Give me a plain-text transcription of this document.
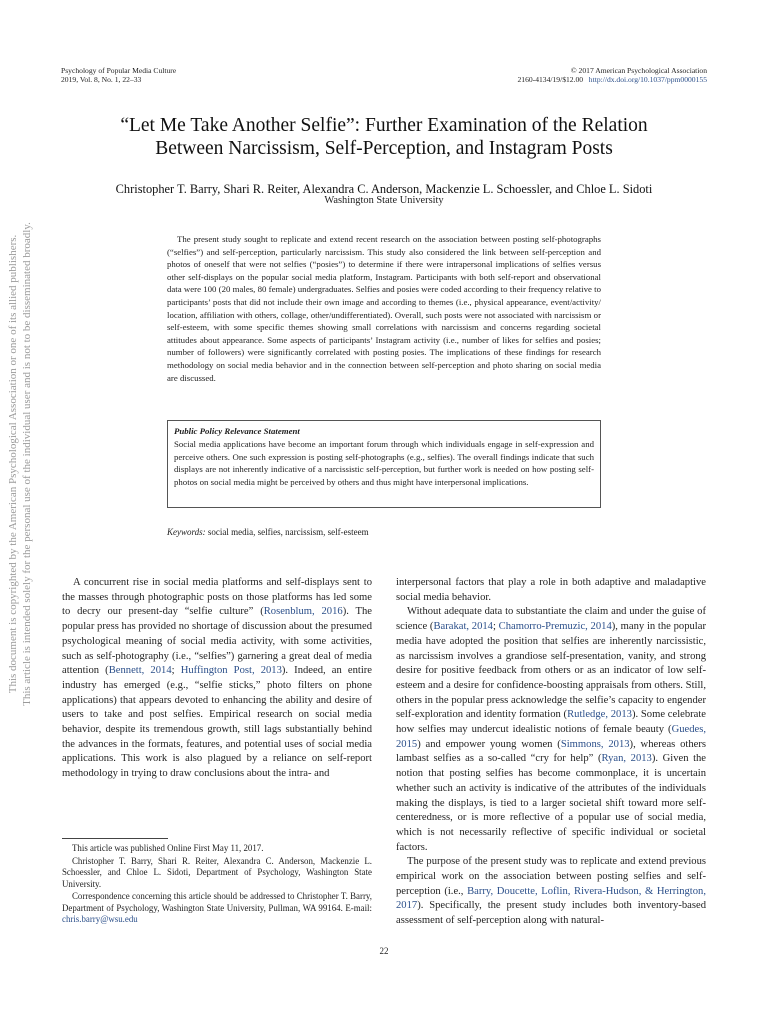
Psychology of Popular Media Culture
2019, Vol. 8, No. 1, 22–33
© 2017 American Psychological Association
2160-4134/19/$12.00 http://dx.doi.org/10.1037/ppm0000155
This document is copyrighted by the American Psychological Association or one of its allied publishers. This article is intended solely for the personal use of the individual user and is not to be disseminated broadly.
“Let Me Take Another Selfie”: Further Examination of the Relation
Between Narcissism, Self-Perception, and Instagram Posts
Christopher T. Barry, Shari R. Reiter, Alexandra C. Anderson, Mackenzie L. Schoessler, and Chloe L. Sidoti
Washington State University

The present study sought to replicate and extend recent research on the association between posting self-photographs (“selfies”) and self-perception, particularly narcissism. This study also considered the link between self-perception and photos of oneself that were not selfies (“posies”) to determine if there were intrapersonal implications of selfies versus other self-displays on the popular social media platform, Instagram. Participants with both self-report and observational data were 100 (20 males, 80 female) undergraduates. Selfies and posies were coded according to their frequency relative to participants’ posts that did not include their own image and according to themes (i.e., physical appearance, event/activity/ location, affiliation with others, collage, other/undifferentiated). Overall, such posts were not associated with narcissism or self-esteem, with some specific themes showing small correlations with narcissism and concerns regarding societal attitudes about appearance. Some aspects of participants’ Instagram activity (i.e., number of likes for selfies and posies; number of followers) were significantly correlated with posting posies. The implications of these findings for research methodology on social media behavior and in the connection between self-perception and photo sharing on social media are discussed.

Public Policy Relevance Statement
Social media applications have become an important forum through which individuals engage in self-expression and perceive others. One such expression is posting self-photographs (e.g., selfies). The overall findings indicate that such displays are not inherently indicative of a narcissistic self-perception, but further work is needed on how posting self-photos on social media might be perceived by others and thus might have interpersonal implications.
Keywords: social media, selfies, narcissism, self-esteem

A concurrent rise in social media platforms and self-displays sent to the masses through photographic posts on those platforms has led some to decry our present-day “selfie culture” (Rosenblum, 2016). The popular press has provided no shortage of discussion about the presumed psychological meaning of social media activity, with some activities, such as self-photography (i.e., “selfies”) garnering a great deal of media attention (Bennett, 2014; Huffington Post, 2013). Indeed, an entire industry has emerged (e.g., “selfie sticks,” photo filters on phone applications) that appears devoted to enhancing the ability and desire of users to take and post selfies. Empirical research on social media behavior, despite its tremendous growth, still lags substantially behind the advances in the formats, features, and potential uses of social media applications. This work is also plagued by a reliance on self-report methodology in trying to draw conclusions about the intra- and

interpersonal factors that play a role in both adaptive and maladaptive social media behavior.

Without adequate data to substantiate the claim and under the guise of science (Barakat, 2014; Chamorro-Premuzic, 2014), many in the popular media have adopted the position that selfies are inherently narcissistic, as narcissism involves a grandiose self-presentation, vanity, and strong desire for positive feedback from others or as an indicator of low self-esteem and a desire for confidence-boosting appraisals from others. Still, others in the popular press acknowledge the selfie’s capacity to engender self-exploration and identity formation (Rutledge, 2013). Some celebrate how selfies may undercut idealistic notions of female beauty (Guedes, 2015) and empower young women (Simmons, 2013), whereas others lambast selfies as a so-called “cry for help” (Ryan, 2013). Given the notion that posting selfies has become commonplace, it is uncertain whether such an activity is indicative of the attributes of the individuals making the displays, is tied to a larger societal shift toward more self-centeredness, or is more reflective of a popular use of social media, which is not necessarily reflective of specific individual or societal factors.

The purpose of the present study was to replicate and extend previous empirical work on the association between posting selfies and self-perception (i.e., Barry, Doucette, Loflin, Rivera-Hudson, & Herrington, 2017). Specifically, the present study includes both inventory-based assessment of self-perception along with natural-

This article was published Online First May 11, 2017.

Christopher T. Barry, Shari R. Reiter, Alexandra C. Anderson, Mackenzie L. Schoessler, and Chloe L. Sidoti, Department of Psychology, Washington State University.

Correspondence concerning this article should be addressed to Christopher T. Barry, Department of Psychology, Washington State University, Pullman, WA 99164. E-mail: chris.barry@wsu.edu

22
